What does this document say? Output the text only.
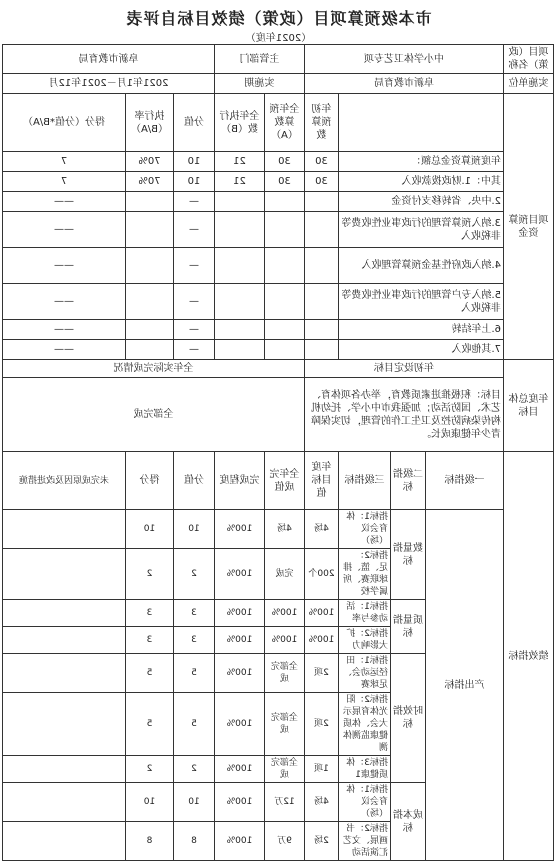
市本级预算项目（政策）绩效目标自评表
（2021年度）
项目（政策）名称	中小学体卫艺专项				主管部门		阜新市教育局		
实施单位	阜新市教育局				实施期		2021年1月－2021年12月		
项目预算资金				年初预算数	全年预算数（A）	全年执行数（B）	分值	执行率（B/A）	得分（分值*B/A）
	年度预算资金总额：			30	30	21	10	70%	7
	其中：1.财政拨款收入			30	30	21	10	70%	7
	2.中央、省转移支付资金						—		——
	3.纳入预算管理的行政事业性收费等非税收入						—		——
	4.纳入政府性基金预算管理收入						—		——
	5.纳入专户管理的行政事业性收费等非税收入						—		——
	6.上年结转						—		——
	7.其他收入						—		——
年度总体目标	年初设定目标				全年实际完成情况				
	目标：积极推进素质教育，举办各项体育、艺术、国防活动；加强我市中小学、托幼机构传染病防控及卫生工作的管理，切实保障青少年健康成长。				全部完成				
绩效指标	一级指标	二级指标	三级指标	年度目标值	全年完成值	完成程度	分值	得分	未完成原因及改进措施
	产出指标	数量指标	指标1：体育会议（场）	4场	4场	100%	10	10	
			指标2：足、篮、排球联赛、所属学校	200个	完成	100%	2	2	
		质量指标	指标1：活动参与率	100%	100%	100%	3	3	
			指标2：扩大影响力	100%	100%	100%	3	3	
		时效指标	指标1：田径运动会、足球赛	2项	全部完成	100%	5	5	
			指标2：阳光体育展示大会、体质健康监测体测	2项	全部完成	100%	5	5	
			指标3：体质健康1	1项	全部完成	100%	2	2	
		成本指标	指标1：体育会议（场）	4场	12万	100%	10	10	
			指标2：书画展、文艺汇演活动	2场	9万	100%	8	8	
